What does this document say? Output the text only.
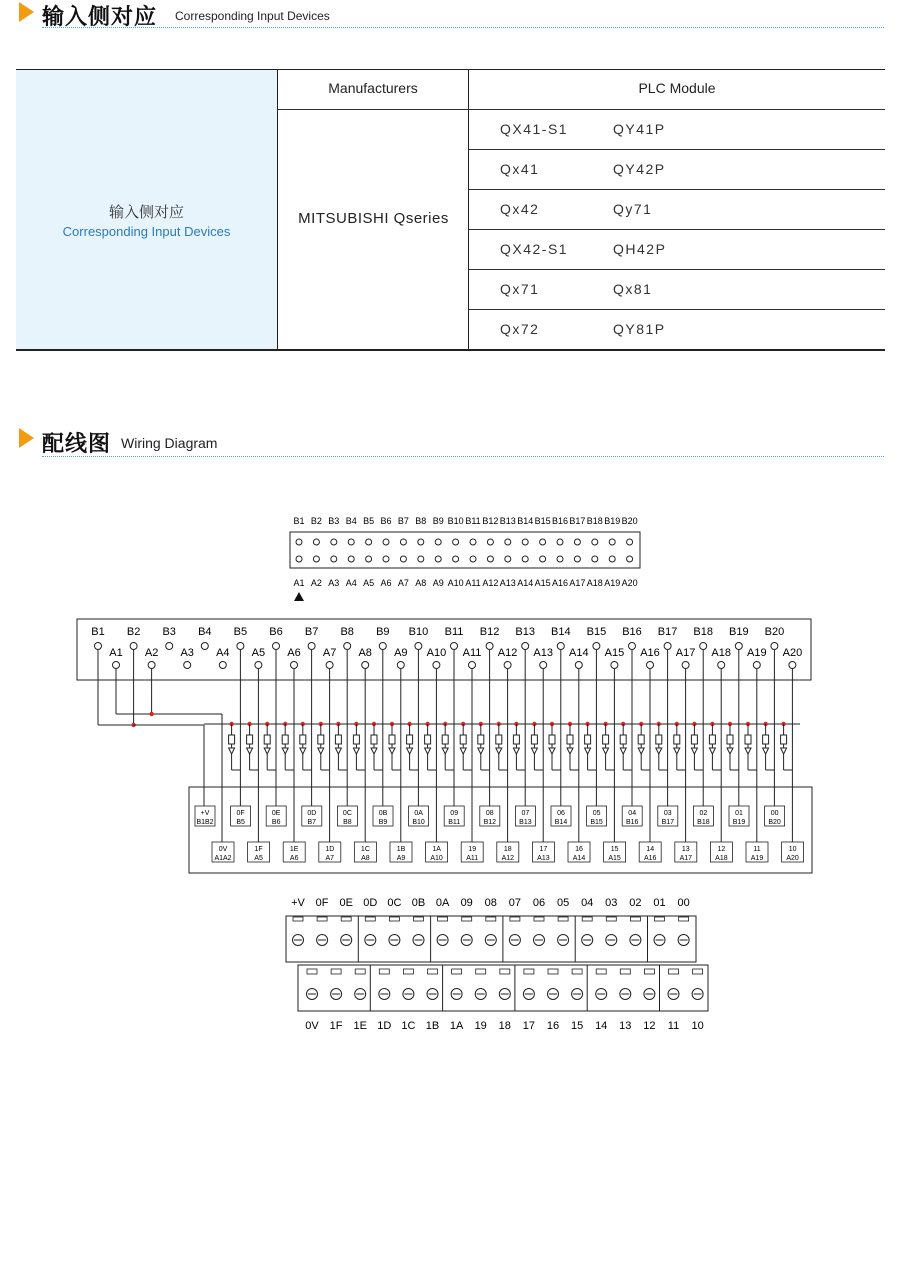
输入侧对应 Corresponding Input Devices
输入侧对应
Corresponding Input Devices
Manufacturers	PLC Module
MITSUBISHI Qseries
QX41-S1	QY41P
Qx41	QY42P
Qx42	Qy71
QX42-S1	QH42P
Qx71	Qx81
Qx72	QY81P
配线图 Wiring Diagram
B1 B2 B3 B4 B5 B6 B7 B8 B9 B10 B11 B12 B13 B14 B15 B16 B17 B18 B19 B20
A1 A2 A3 A4 A5 A6 A7 A8 A9 A10 A11 A12 A13 A14 A15 A16 A17 A18 A19 A20
B1
A1
B2
A2
B3
A3
B4
A4
B5
A5
B6
A6
B7
A7
B8
A8
B9
A9
B10
A10
B11
A11
B12
A12
B13
A13
B14
A14
B15
A15
B16
A16
B17
A17
B18
A18
B19
A19
B20
A20
+V
B1B2
0F
B5
0E
B6
0D
B7
0C
B8
0B
B9
0A
B10
09
B11
08
B12
07
B13
06
B14
05
B15
04
B16
03
B17
02
B18
01
B19
00
B20
0V
A1A2
1F
A5
1E
A6
1D
A7
1C
A8
1B
A9
1A
A10
19
A11
18
A12
17
A13
16
A14
15
A15
14
A16
13
A17
12
A18
11
A19
10
A20
+V 0F 0E 0D 0C 0B 0A 09 08 07 06 05 04 03 02 01 00
0V 1F 1E 1D 1C 1B 1A 19 18 17 16 15 14 13 12 11 10
